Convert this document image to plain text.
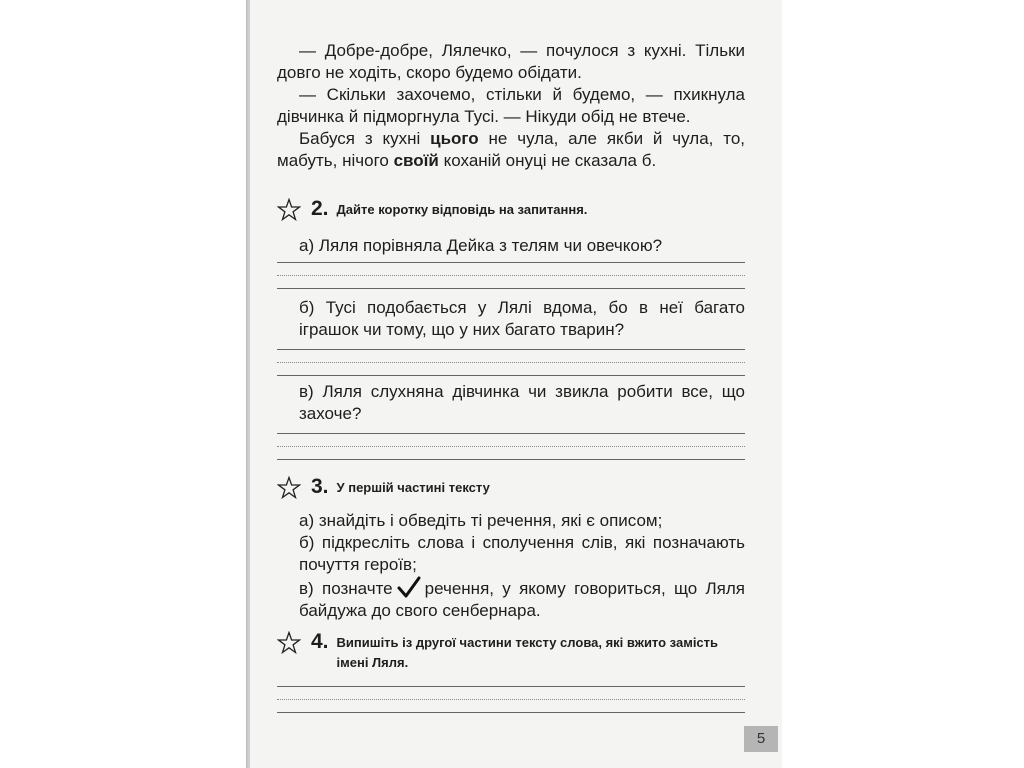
— Добре-добре, Лялечко, — почулося з кухні. Тільки довго не ходіть, скоро будемо обідати.

— Скільки захочемо, стільки й будемо, — пхикнула дівчинка й підморгнула Тусі. — Нікуди обід не втече.

Бабуся з кухні цього не чула, але якби й чула, то, мабуть, нічого своїй коханій онуці не сказала б.

2. Дайте коротку відповідь на запитання.
а) Ляля порівняла Дейка з телям чи овечкою?
б) Тусі подобається у Лялі вдома, бо в неї багато іграшок чи тому, що у них багато тварин?
в) Ляля слухняна дівчинка чи звикла робити все, що захоче?
3. У першій частині тексту
а) знайдіть і обведіть ті речення, які є описом;
б) підкресліть слова і сполучення слів, які позначають почуття героїв;
в) позначте речення, у якому говориться, що Ляля байдужа до свого сенбернара.
4. Випишіть із другої частини тексту слова, які вжито замість імені Ляля.
5
